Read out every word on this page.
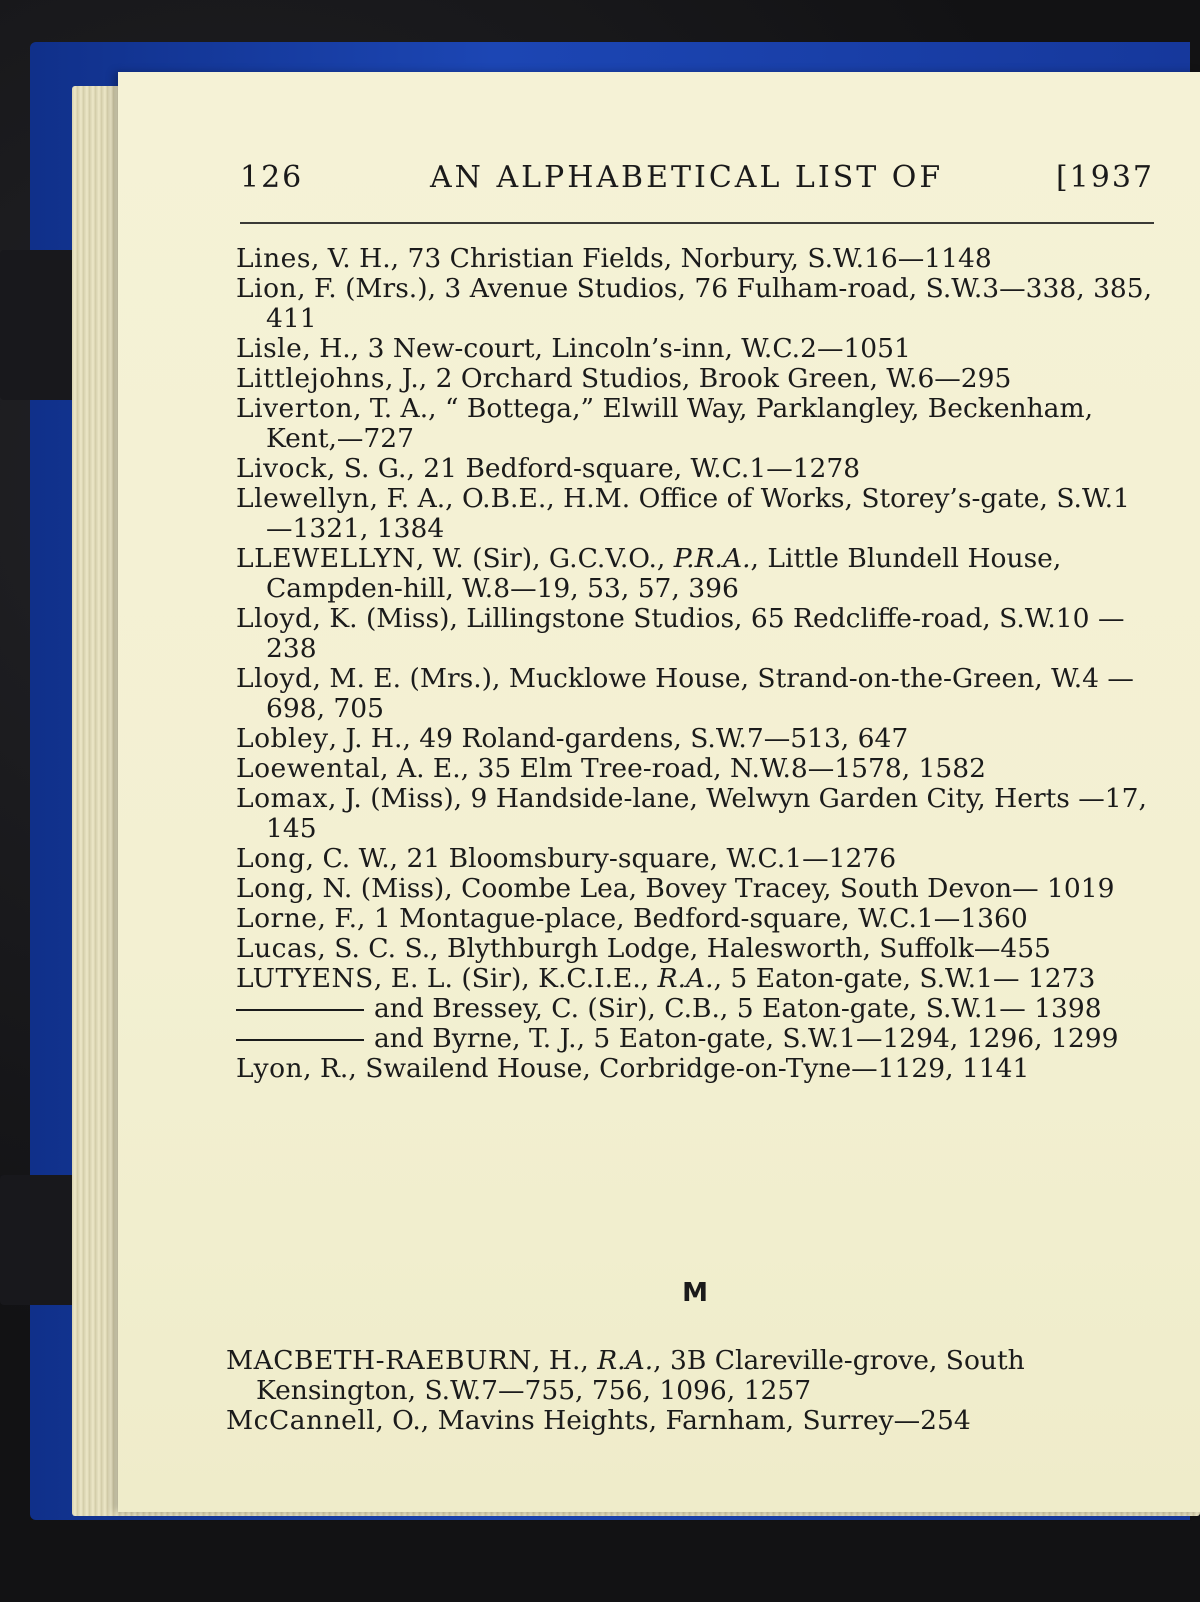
126	AN ALPHABETICAL LIST OF	[1937

Lines, V. H., 73 Christian Fields, Norbury, S.W.16—1148

Lion, F. (Mrs.), 3 Avenue Studios, 76 Fulham-road, S.W.3—338, 385, 411

Lisle, H., 3 New-court, Lincoln’s-inn, W.C.2—1051

Littlejohns, J., 2 Orchard Studios, Brook Green, W.6—295

Liverton, T. A., “ Bottega,” Elwill Way, Parklangley, Beckenham, Kent,—727

Livock, S. G., 21 Bedford-square, W.C.1—1278

Llewellyn, F. A., O.B.E., H.M. Office of Works, Storey’s-gate, S.W.1—1321, 1384

LLEWELLYN, W. (Sir), G.C.V.O., P.R.A., Little Blundell House, Campden-hill, W.8—19, 53, 57, 396

Lloyd, K. (Miss), Lillingstone Studios, 65 Redcliffe-road, S.W.10 —238

Lloyd, M. E. (Mrs.), Mucklowe House, Strand-on-the-Green, W.4 —698, 705

Lobley, J. H., 49 Roland-gardens, S.W.7—513, 647

Loewental, A. E., 35 Elm Tree-road, N.W.8—1578, 1582

Lomax, J. (Miss), 9 Handside-lane, Welwyn Garden City, Herts —17, 145

Long, C. W., 21 Bloomsbury-square, W.C.1—1276

Long, N. (Miss), Coombe Lea, Bovey Tracey, South Devon— 1019

Lorne, F., 1 Montague-place, Bedford-square, W.C.1—1360

Lucas, S. C. S., Blythburgh Lodge, Halesworth, Suffolk—455

LUTYENS, E. L. (Sir), K.C.I.E., R.A., 5 Eaton-gate, S.W.1— 1273

and Bressey, C. (Sir), C.B., 5 Eaton-gate, S.W.1— 1398

and Byrne, T. J., 5 Eaton-gate, S.W.1—1294, 1296, 1299

Lyon, R., Swailend House, Corbridge-on-Tyne—1129, 1141

M

MACBETH-RAEBURN, H., R.A., 3B Clareville-grove, South Kensington, S.W.7—755, 756, 1096, 1257

McCannell, O., Mavins Heights, Farnham, Surrey—254
